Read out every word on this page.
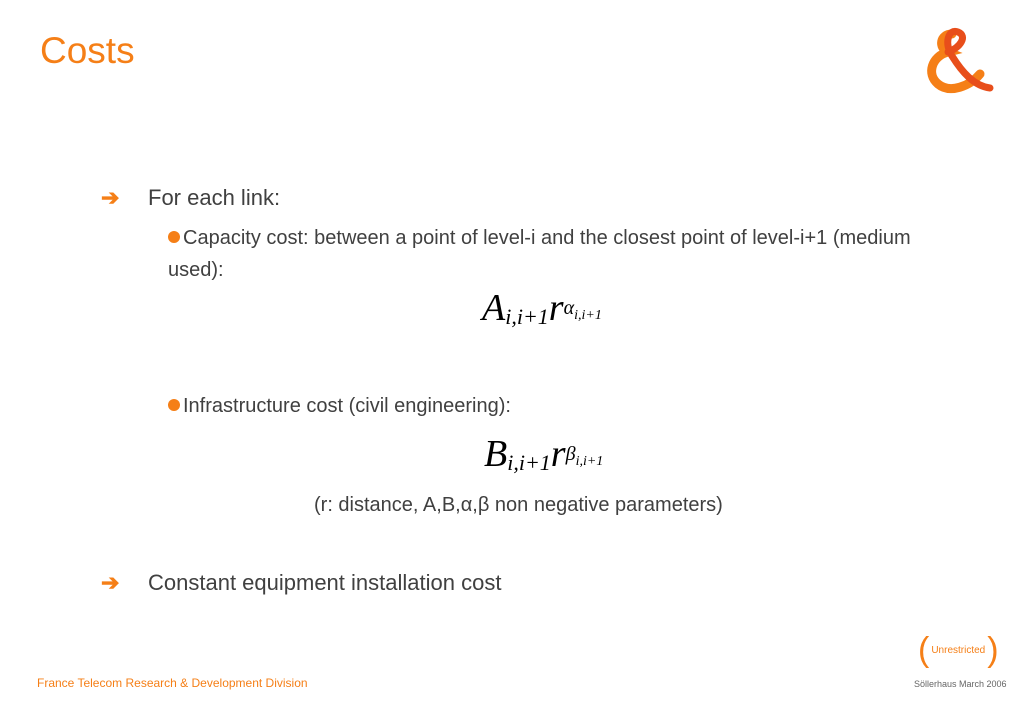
Costs
➔ For each link:
Capacity cost: between a point of level-i and the closest point of level-i+1 (medium used):
$A_{i,i+1}r^{\alpha_{i,i+1}}$
Infrastructure cost (civil engineering):
$B_{i,i+1}r^{\beta_{i,i+1}}$
(r: distance, A,B,α,β non negative parameters)
➔ Constant equipment installation cost
France Telecom Research & Development Division
( Unrestricted )
Söllerhaus March 2006
